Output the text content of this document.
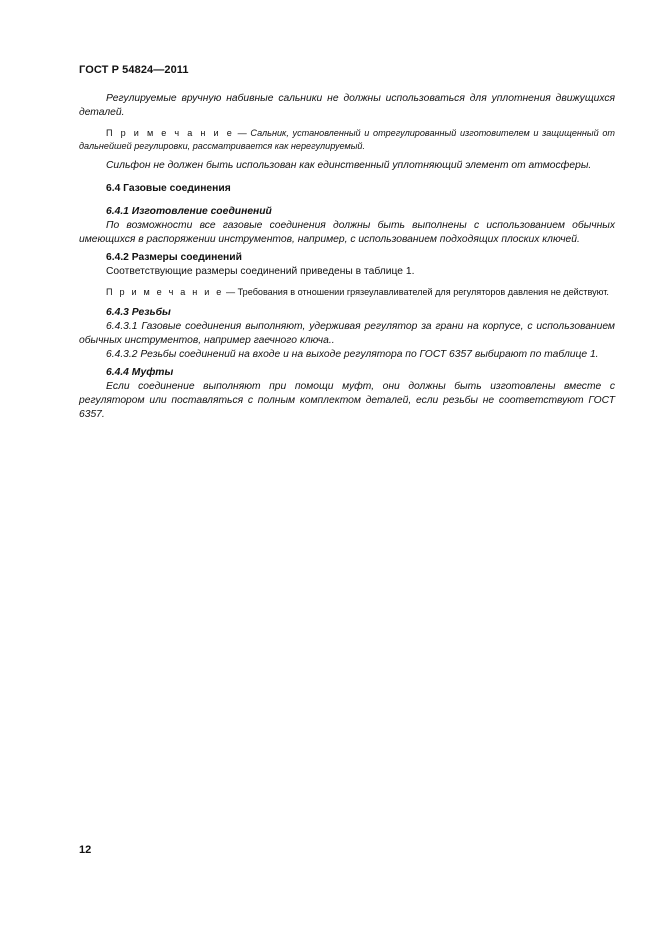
ГОСТ Р 54824—2011

Регулируемые вручную набивные сальники не должны использоваться для уплотнения движущихся деталей.

П р и м е ч а н и е — Сальник, установленный и отрегулированный изготовителем и защищенный от дальнейшей регулировки, рассматривается как нерегулируемый.

Сильфон не должен быть использован как единственный уплотняющий элемент от атмосферы.

6.4 Газовые соединения

6.4.1 Изготовление соединений

По возможности все газовые соединения должны быть выполнены с использованием обычных имеющихся в распоряжении инструментов, например, с использованием подходящих плоских ключей.

6.4.2 Размеры соединений

Соответствующие размеры соединений приведены в таблице 1.

П р и м е ч а н и е — Требования в отношении грязеулавливателей для регуляторов давления не действуют.

6.4.3 Резьбы

6.4.3.1 Газовые соединения выполняют, удерживая регулятор за грани на корпусе, с использованием обычных инструментов, например гаечного ключа..

6.4.3.2 Резьбы соединений на входе и на выходе регулятора по ГОСТ 6357 выбирают по таблице 1.

6.4.4 Муфты

Если соединение выполняют при помощи муфт, они должны быть изготовлены вместе с регулятором или поставляться с полным комплектом деталей, если резьбы не соответствуют ГОСТ 6357.

12
